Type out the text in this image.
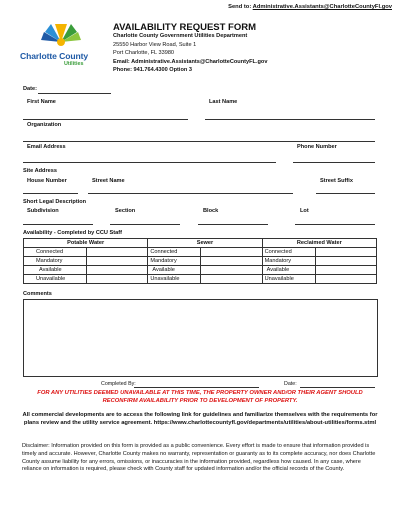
Send to: Administrative.Assistants@CharlotteCountyFl.gov
Charlotte County
Utilities
AVAILABILITY REQUEST FORM
Charlotte County Government Utilities Department
25550 Harbor View Road, Suite 1
Port Charlotte, FL 33980
Email: Administrative.Assistants@CharlotteCountyFL.gov
Phone: 941.764.4300 Option 3
Date:
First Name	Last Name
Organization
Email Address	Phone Number
Site Address
House Number	Street Name	Street Suffix
Short Legal Description
Subdivision	Section	Block	Lot
Availability - Completed by CCU Staff
Potable Water		Sewer		Reclaimed Water	
Connected		Connected		Connected	
Mandatory		Mandatory		Mandatory	
Available		Available		Available	
Unavailable		Unavailable		Unavailable	
Comments
Completed By:	Date:
FOR ANY UTILITIES DEEMED UNAVAILABLE AT THIS TIME, THE PROPERTY OWNER AND/OR THEIR AGENT SHOULD RECONFIRM AVAILABILITY PRIOR TO DEVELOPMENT OF PROPERTY.
All commercial developments are to access the following link for guidelines and familiarize themselves with the requirements for plans review and the utility service agreement. https://www.charlottecountyfl.gov/departments/utilities/about-utilities/forms.stml
Disclaimer: Information provided on this form is provided as a public convenience. Every effort is made to ensure that information provided is timely and accurate. However, Charlotte County makes no warranty, representation or guaranty as to its complete accuracy, nor does Charlotte County assume liability for any errors, omissions, or inaccuracies in the information provided, regardless how caused. In any case, where reliance on information is required, please check with County staff for updated information and/or the official records of the County.
